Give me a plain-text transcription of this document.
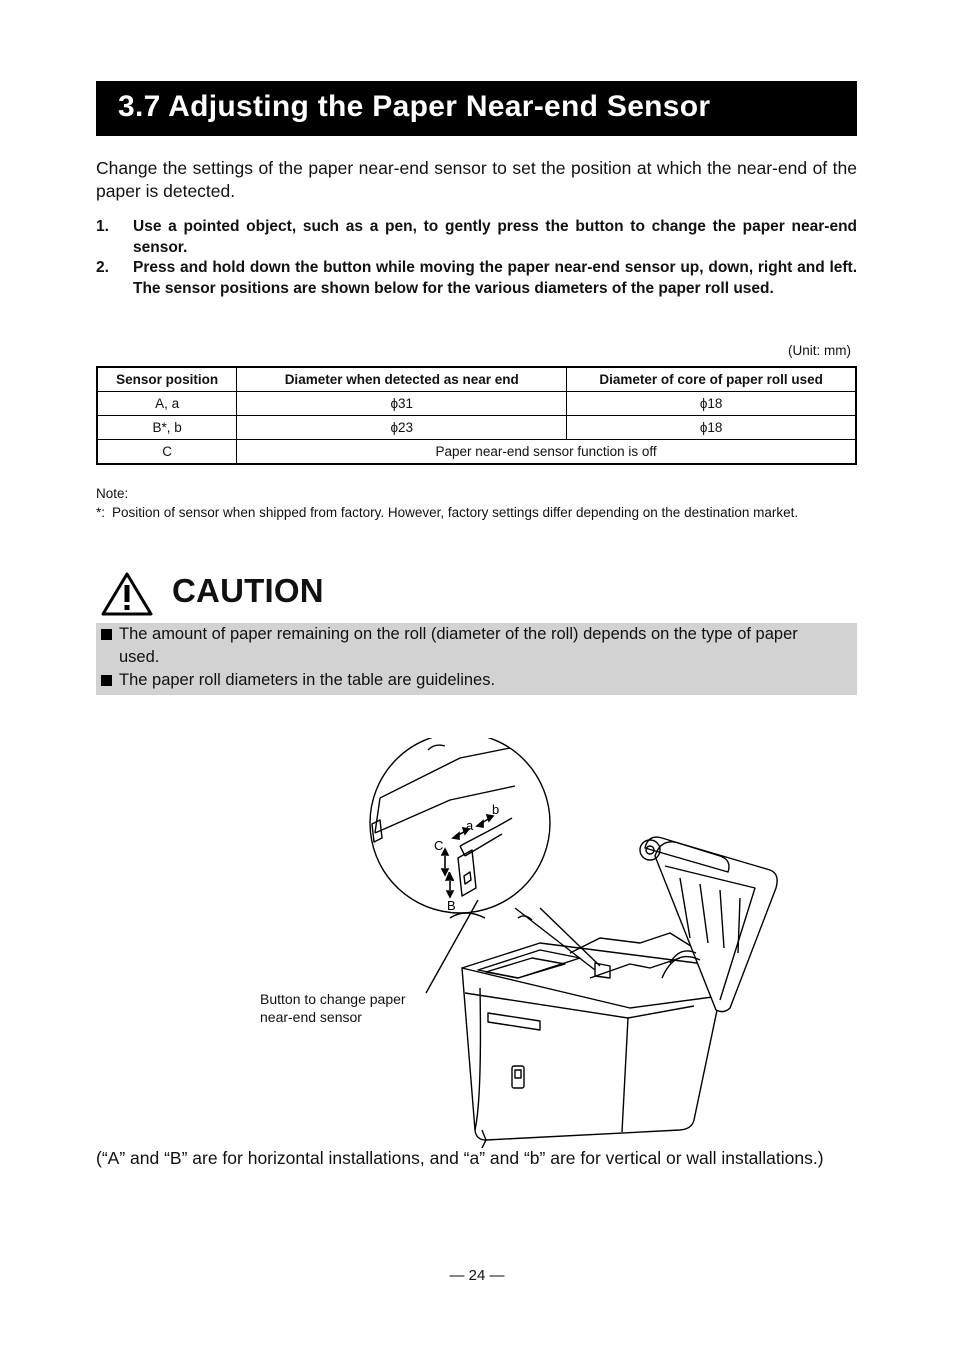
3.7 Adjusting the Paper Near-end Sensor
Change the settings of the paper near-end sensor to set the position at which the near-end of the paper is detected.
1. Use a pointed object, such as a pen, to gently press the button to change the paper near-end sensor.
2. Press and hold down the button while moving the paper near-end sensor up, down, right and left. The sensor positions are shown below for the various diameters of the paper roll used.
(Unit: mm)
Sensor position	Diameter when detected as near end	Diameter of core of paper roll used
A, a	ϕ31	ϕ18
B*, b	ϕ23	ϕ18
C	Paper near-end sensor function is off	
Note:
*: Position of sensor when shipped from factory. However, factory settings differ depending on the destination market.
CAUTION
The amount of paper remaining on the roll (diameter of the roll) depends on the type of paper used.
The paper roll diameters in the table are guidelines.
C
A
B
a
b
Button to change paper
near-end sensor
(“A” and “B” are for horizontal installations, and “a” and “b” are for vertical or wall installations.)
— 24 —
